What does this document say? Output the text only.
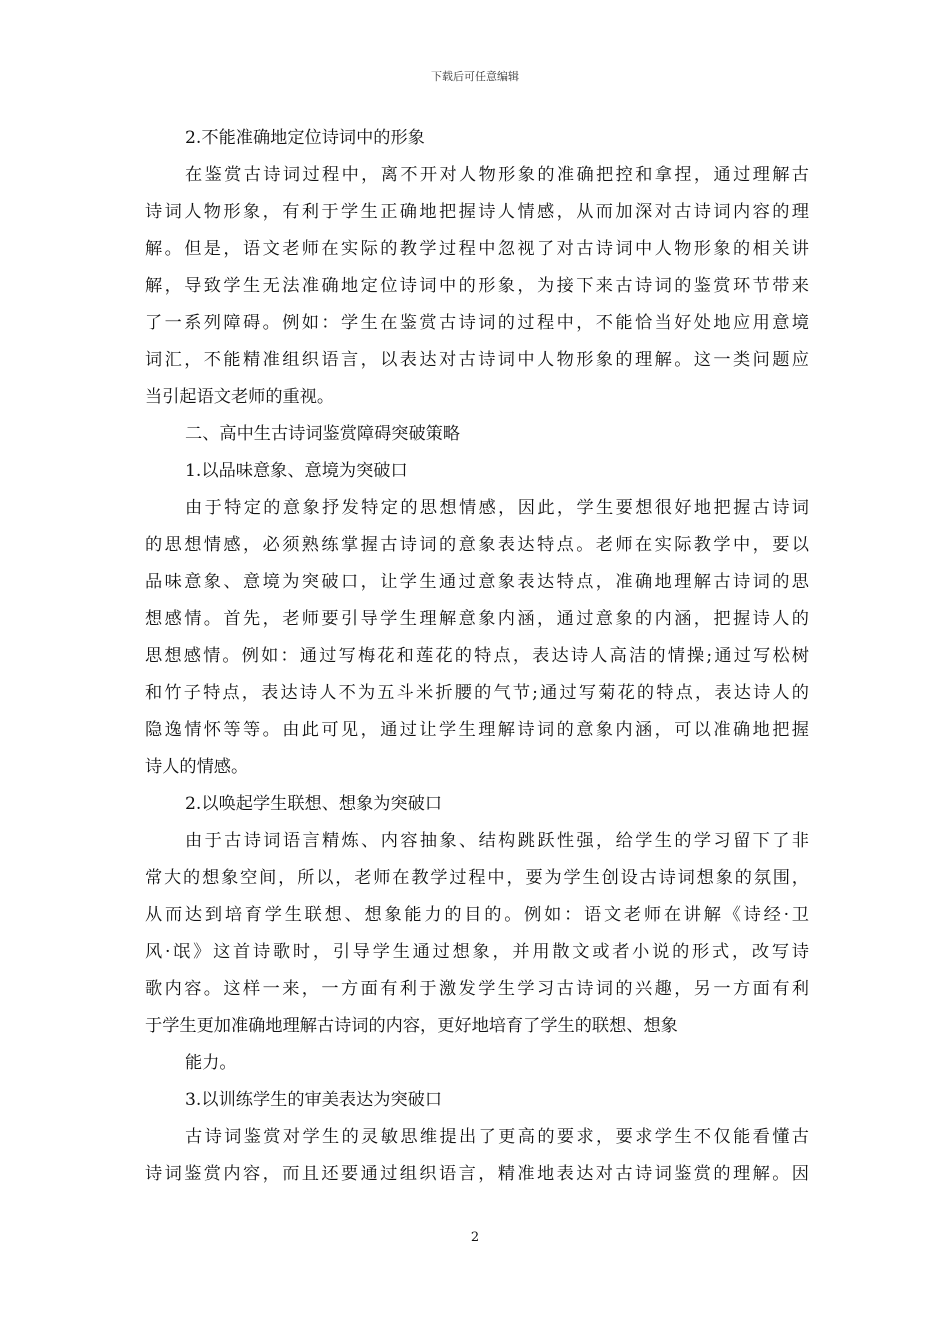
下载后可任意编辑
2.不能准确地定位诗词中的形象
在鉴赏古诗词过程中，离不开对人物形象的准确把控和拿捏，通过理解古
诗词人物形象，有利于学生正确地把握诗人情感，从而加深对古诗词内容的理
解。但是，语文老师在实际的教学过程中忽视了对古诗词中人物形象的相关讲
解，导致学生无法准确地定位诗词中的形象，为接下来古诗词的鉴赏环节带来
了一系列障碍。例如：学生在鉴赏古诗词的过程中，不能恰当好处地应用意境
词汇，不能精准组织语言，以表达对古诗词中人物形象的理解。这一类问题应
当引起语文老师的重视。
二、高中生古诗词鉴赏障碍突破策略
1.以品味意象、意境为突破口
由于特定的意象抒发特定的思想情感，因此，学生要想很好地把握古诗词
的思想情感，必须熟练掌握古诗词的意象表达特点。老师在实际教学中，要以
品味意象、意境为突破口，让学生通过意象表达特点，准确地理解古诗词的思
想感情。首先，老师要引导学生理解意象内涵，通过意象的内涵，把握诗人的
思想感情。例如：通过写梅花和莲花的特点，表达诗人高洁的情操;通过写松树
和竹子特点，表达诗人不为五斗米折腰的气节;通过写菊花的特点，表达诗人的
隐逸情怀等等。由此可见，通过让学生理解诗词的意象内涵，可以准确地把握
诗人的情感。
2.以唤起学生联想、想象为突破口
由于古诗词语言精炼、内容抽象、结构跳跃性强，给学生的学习留下了非
常大的想象空间，所以，老师在教学过程中，要为学生创设古诗词想象的氛围，
从而达到培育学生联想、想象能力的目的。例如：语文老师在讲解《诗经·卫
风·氓》这首诗歌时，引导学生通过想象，并用散文或者小说的形式，改写诗
歌内容。这样一来，一方面有利于激发学生学习古诗词的兴趣，另一方面有利
于学生更加准确地理解古诗词的内容，更好地培育了学生的联想、想象
能力。
3.以训练学生的审美表达为突破口
古诗词鉴赏对学生的灵敏思维提出了更高的要求，要求学生不仅能看懂古
诗词鉴赏内容，而且还要通过组织语言，精准地表达对古诗词鉴赏的理解。因
2
